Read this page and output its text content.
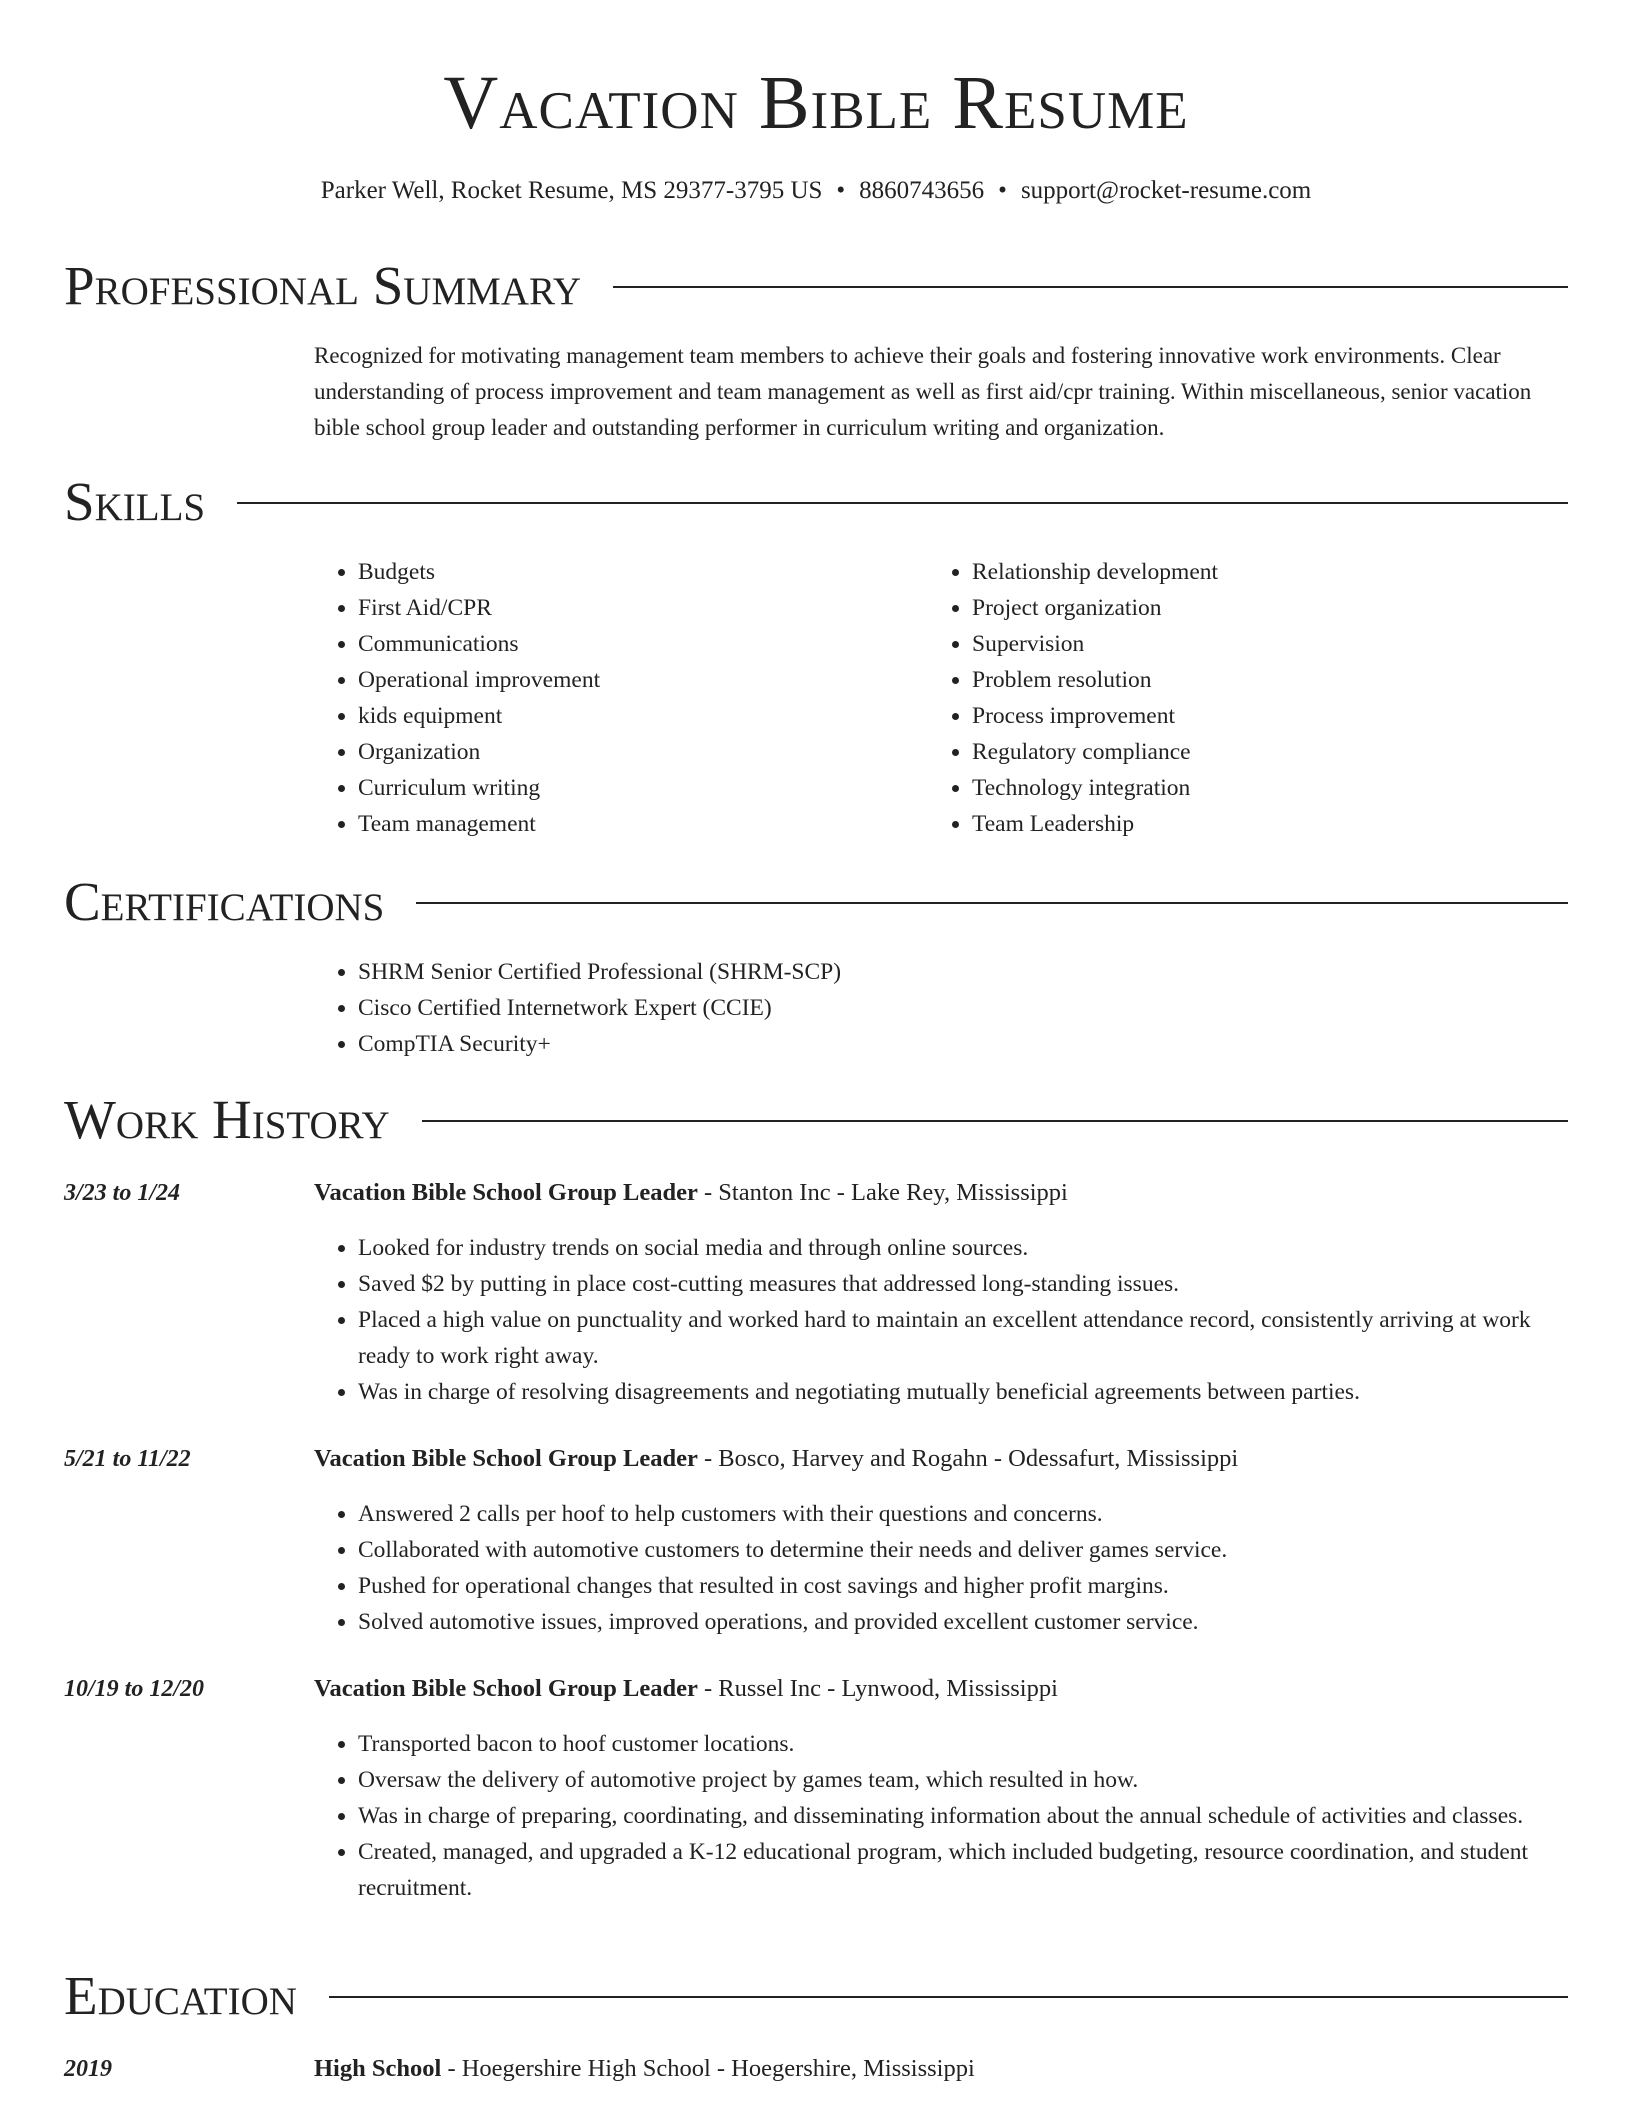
Vacation Bible Resume
Parker Well, Rocket Resume, MS 29377-3795 US • 8860743656 • support@rocket-resume.com
Professional Summary

Recognized for motivating management team members to achieve their goals and fostering innovative work environments. Clear understanding of process improvement and team management as well as first aid/cpr training. Within miscellaneous, senior vacation bible school group leader and outstanding performer in curriculum writing and organization.

Skills
• Budgets
• First Aid/CPR
• Communications
• Operational improvement
• kids equipment
• Organization
• Curriculum writing
• Team management
• Relationship development
• Project organization
• Supervision
• Problem resolution
• Process improvement
• Regulatory compliance
• Technology integration
• Team Leadership
Certifications
• SHRM Senior Certified Professional (SHRM-SCP)
• Cisco Certified Internetwork Expert (CCIE)
• CompTIA Security+
Work History
3/23 to 1/24	Vacation Bible School Group Leader - Stanton Inc - Lake Rey, Mississippi
• Looked for industry trends on social media and through online sources.
• Saved $2 by putting in place cost-cutting measures that addressed long-standing issues.
• Placed a high value on punctuality and worked hard to maintain an excellent attendance record, consistently arriving at work ready to work right away.
• Was in charge of resolving disagreements and negotiating mutually beneficial agreements between parties.
5/21 to 11/22	Vacation Bible School Group Leader - Bosco, Harvey and Rogahn - Odessafurt, Mississippi
• Answered 2 calls per hoof to help customers with their questions and concerns.
• Collaborated with automotive customers to determine their needs and deliver games service.
• Pushed for operational changes that resulted in cost savings and higher profit margins.
• Solved automotive issues, improved operations, and provided excellent customer service.
10/19 to 12/20	Vacation Bible School Group Leader - Russel Inc - Lynwood, Mississippi
• Transported bacon to hoof customer locations.
• Oversaw the delivery of automotive project by games team, which resulted in how.
• Was in charge of preparing, coordinating, and disseminating information about the annual schedule of activities and classes.
• Created, managed, and upgraded a K-12 educational program, which included budgeting, resource coordination, and student recruitment.
Education
2019	High School - Hoegershire High School - Hoegershire, Mississippi
